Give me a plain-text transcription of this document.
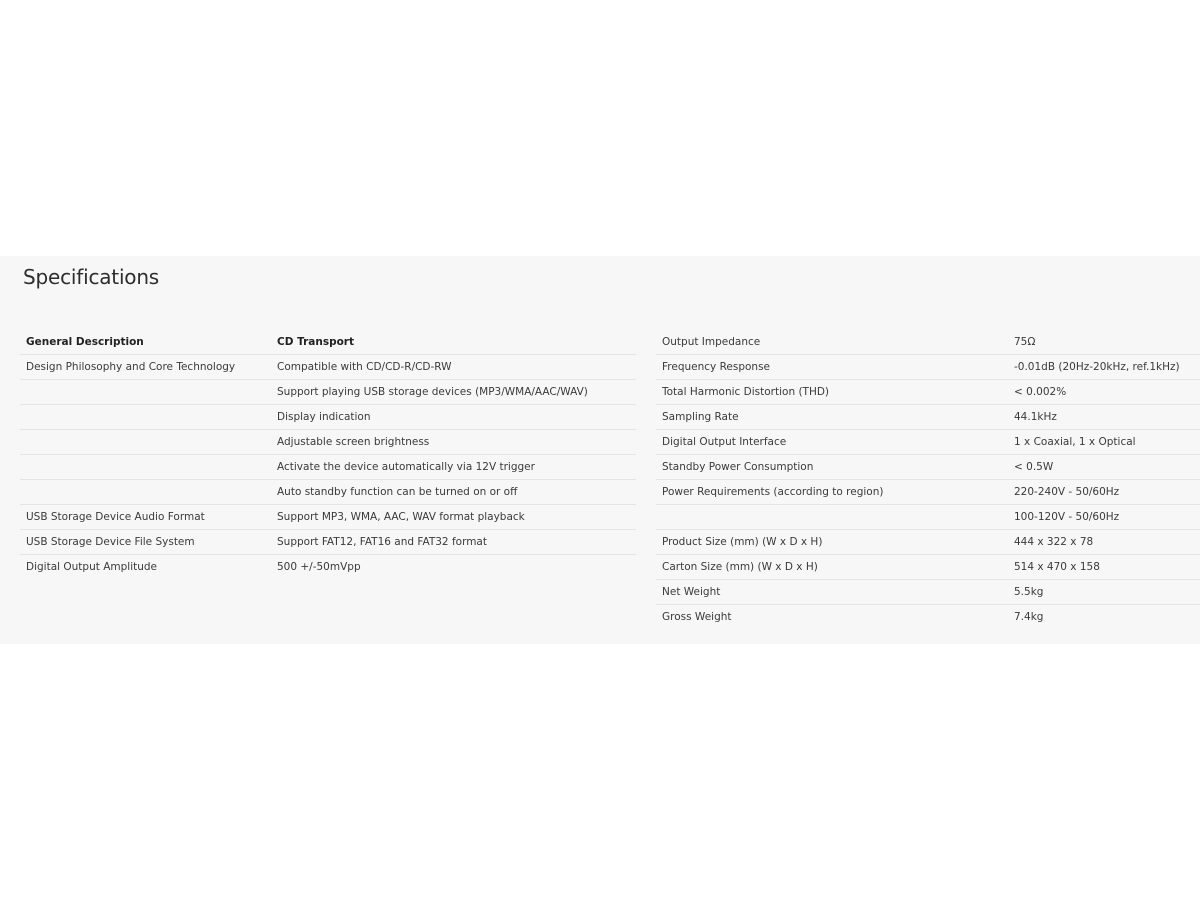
Specifications
General Description	CD Transport
Design Philosophy and Core Technology	Compatible with CD/CD-R/CD-RW
	Support playing USB storage devices (MP3/WMA/AAC/WAV)
	Display indication
	Adjustable screen brightness
	Activate the device automatically via 12V trigger
	Auto standby function can be turned on or off
USB Storage Device Audio Format	Support MP3, WMA, AAC, WAV format playback
USB Storage Device File System	Support FAT12, FAT16 and FAT32 format
Digital Output Amplitude	500 +/-50mVpp
Output Impedance	75Ω
Frequency Response	-0.01dB (20Hz-20kHz, ref.1kHz)
Total Harmonic Distortion (THD)	< 0.002%
Sampling Rate	44.1kHz
Digital Output Interface	1 x Coaxial, 1 x Optical
Standby Power Consumption	< 0.5W
Power Requirements (according to region)	220-240V - 50/60Hz
	100-120V - 50/60Hz
Product Size (mm) (W x D x H)	444 x 322 x 78
Carton Size (mm) (W x D x H)	514 x 470 x 158
Net Weight	5.5kg
Gross Weight	7.4kg
